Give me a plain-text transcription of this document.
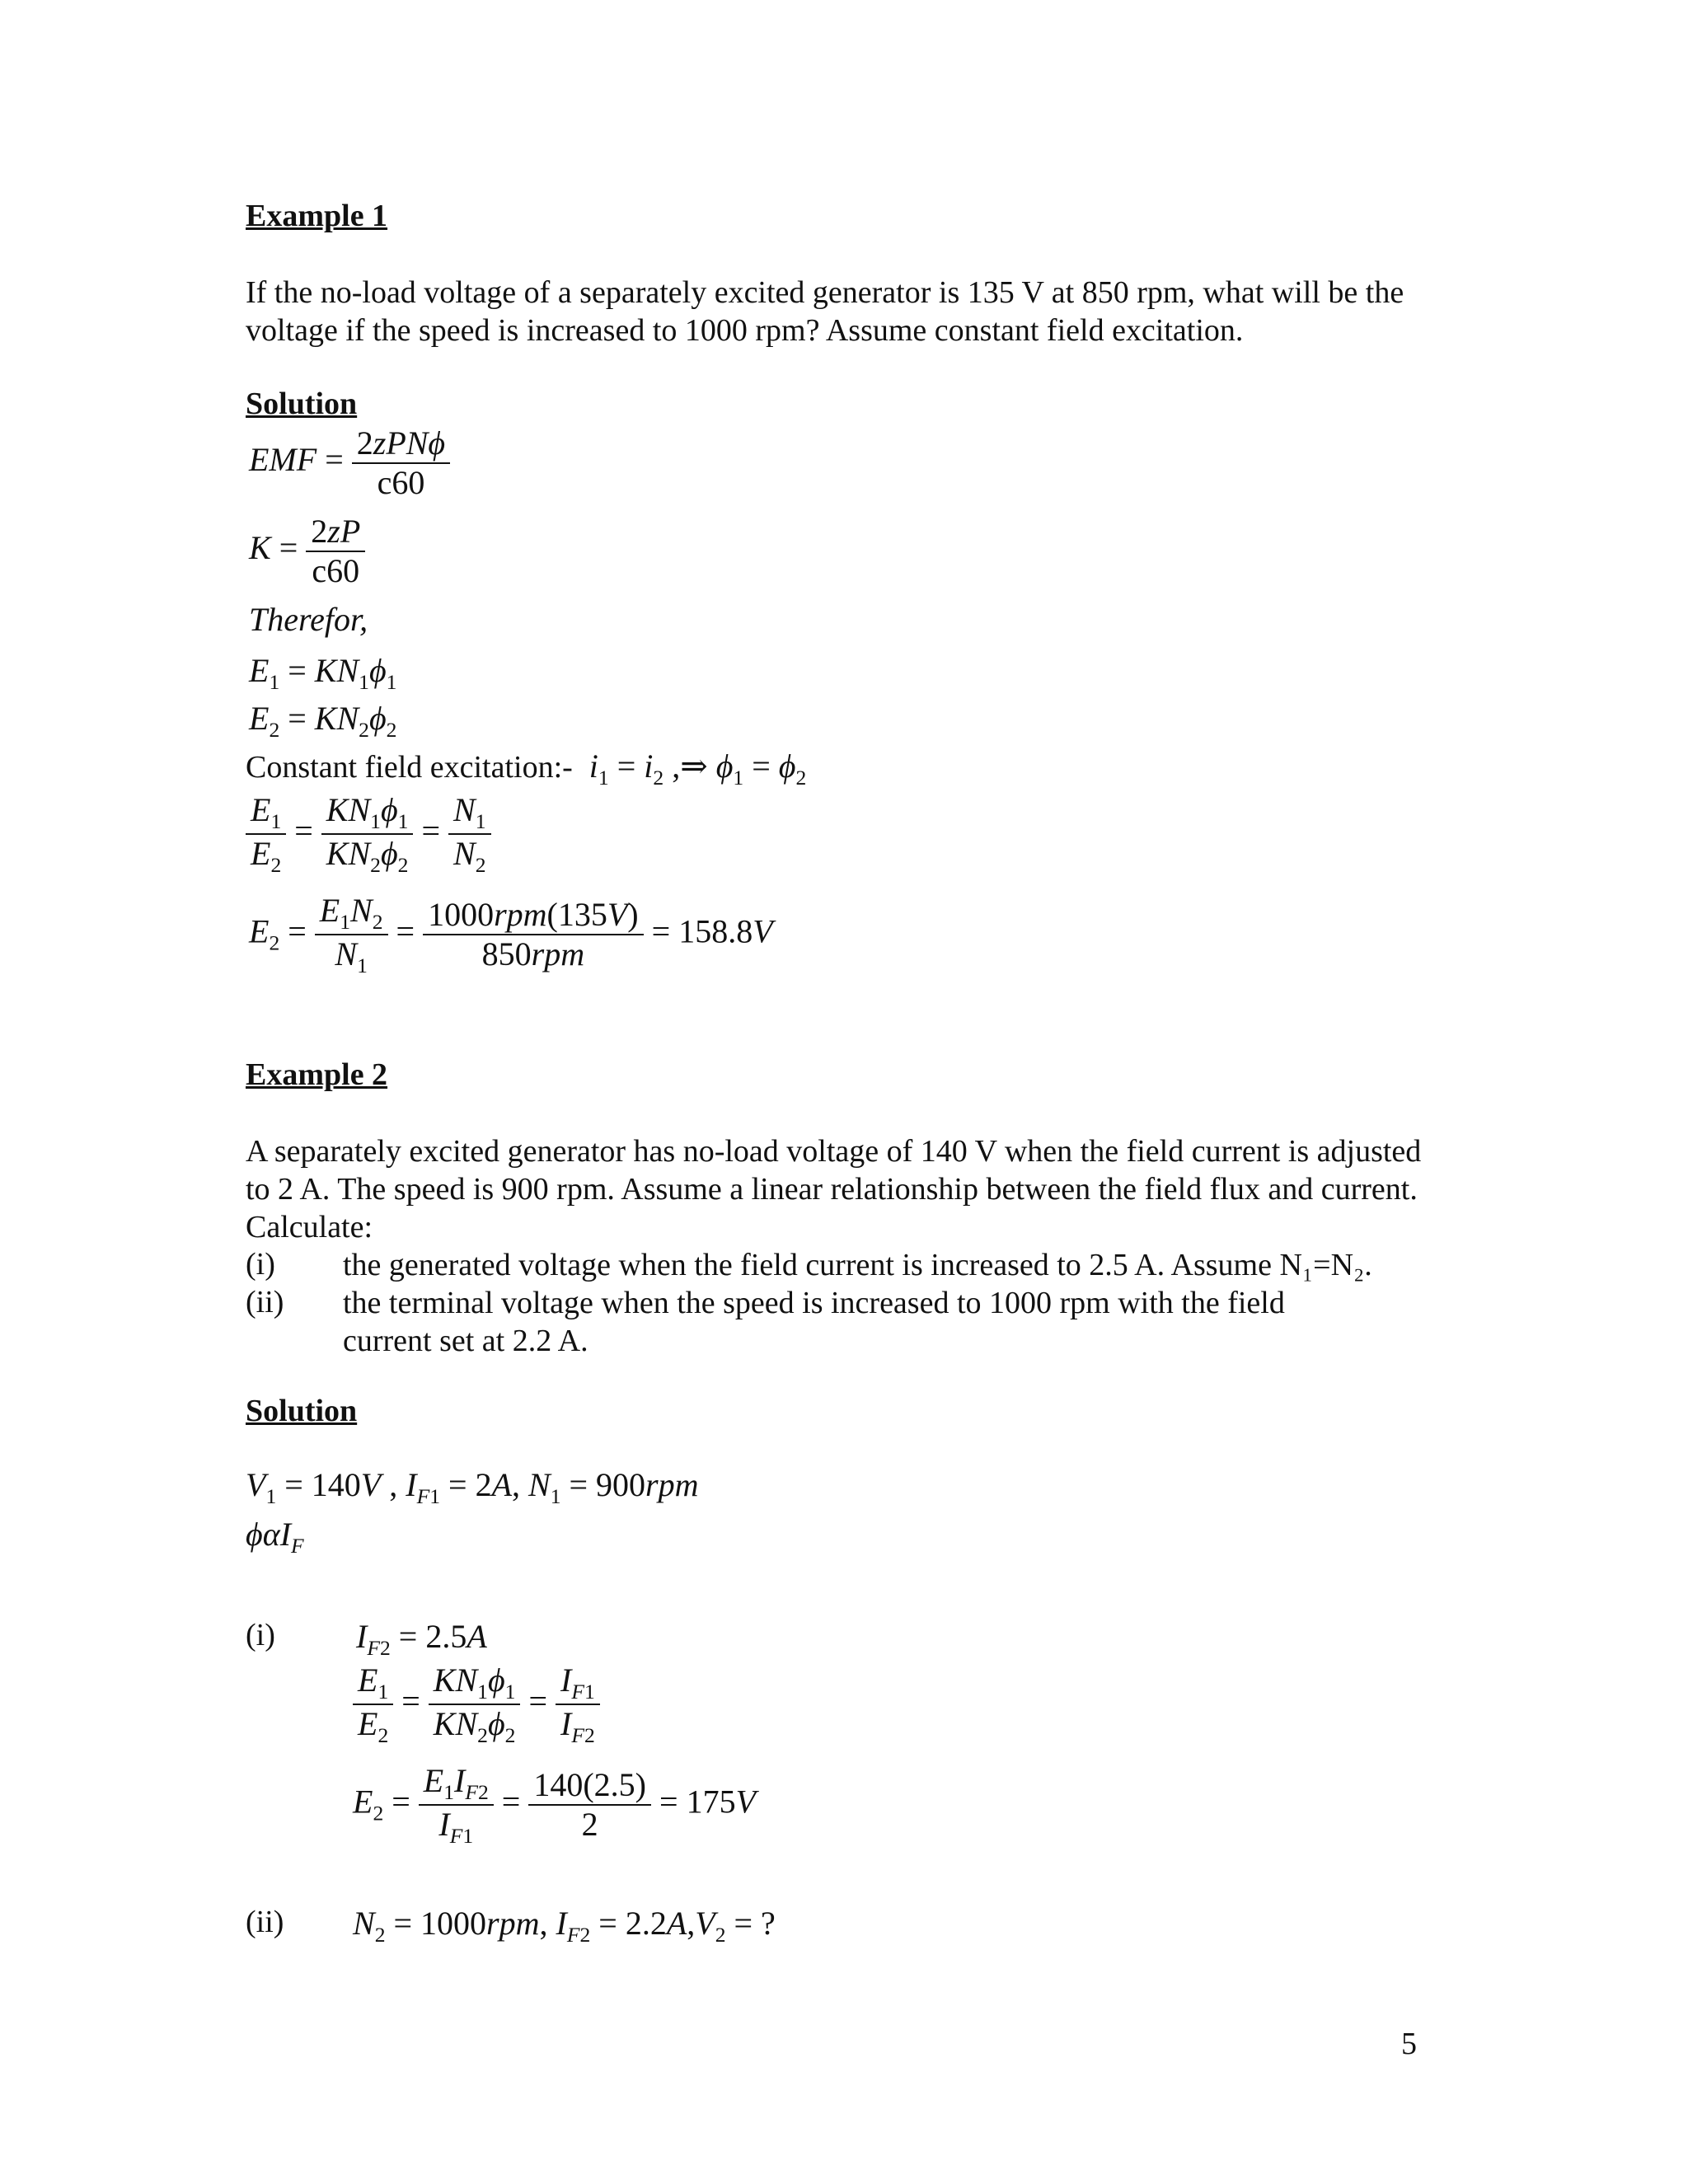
Example 1
If the no-load voltage of a separately excited generator is 135 V at 850 rpm, what will be the voltage if the speed is increased to 1000 rpm? Assume constant field excitation.
Solution
EMF = $\frac{\text{2zPNϕ}}{c60}$
$K = \frac{2zP}{c60}$
Therefor,
$E_1 = KN_1\phi_1$
$E_2 = KN_2\phi_2$
Constant field excitation:- $i_1 = i_2$ ,⇒ $\phi_1 = \phi_2$
$\frac{E_1}{E_2} = \frac{KN_1\phi_1}{KN_2\phi_2} = \frac{N_1}{N_2}$
$E_2 = \frac{E_1N_2}{N_1} = \frac{\text{1000rpm(135V)}}{\text{850rpm}} = 158.8V$
Example 2
A separately excited generator has no-load voltage of 140 V when the field current is adjusted to 2 A. The speed is 900 rpm. Assume a linear relationship between the field flux and current. Calculate:
(i) the generated voltage when the field current is increased to 2.5 A. Assume N₁=N₂.
(ii) the terminal voltage when the speed is increased to 1000 rpm with the field current set at 2.2 A.
Solution
$V_1 = 140V$ , $I_{F1} = 2A$, $N_1 = 900rpm$
ϕαI$_F$
(i) $I_{F2} = 2.5A$
$\frac{E_1}{E_2} = \frac{KN_1\phi_1}{KN_2\phi_2} = \frac{I_{F1}}{I_{F2}}$
$E_2 = \frac{E_1I_{F2}}{I_{F1}} = \frac{140(2.5)}{2} = 175V$
(ii) $N_2 = 1000rpm$, $I_{F2} = 2.2A,V_2$ = ?
5
